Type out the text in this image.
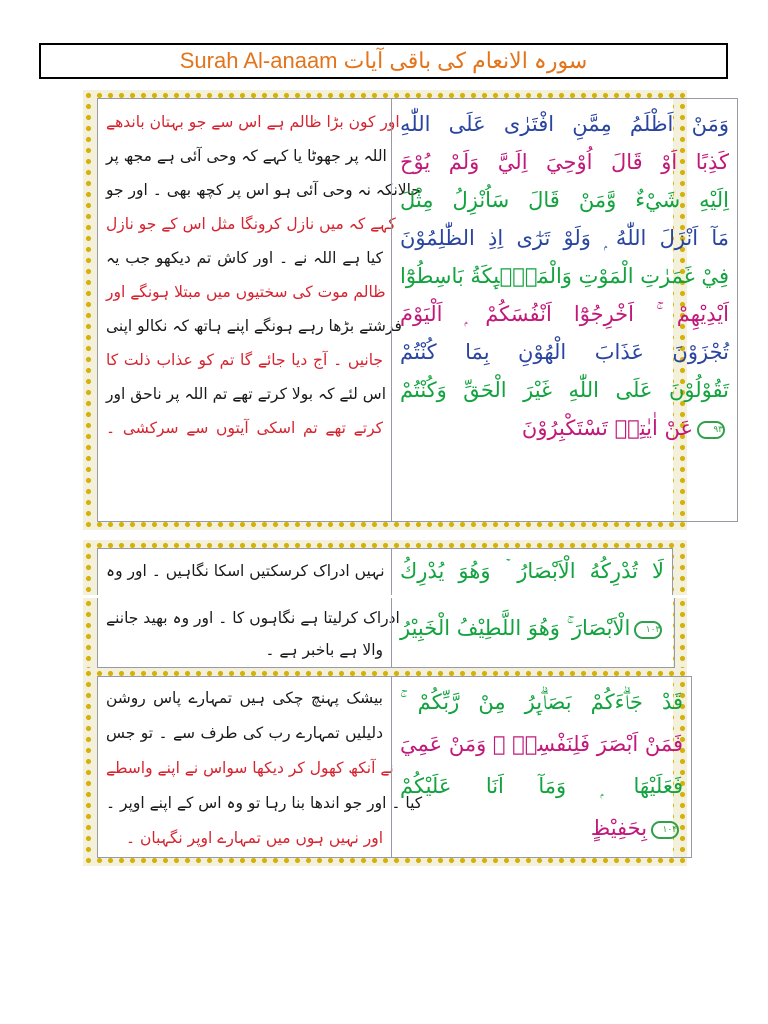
Surah Al-anaam سورہ الانعام کی باقی آیات
اور کون بڑا ظالم ہے اس سے جو بہتان باندھے
اللہ پر جھوٹا یا کہے کہ وحی آئی ہے مجھ پر
حالانکہ نہ وحی آئی ہو اس پر کچھ بھی ۔ اور جو
کہے کہ میں نازل کرونگا مثل اس کے جو نازل
کیا ہے اللہ نے ۔ اور کاش تم دیکھو جب یہ
ظالم موت کی سختیوں میں مبتلا ہونگے اور
فرشتے بڑھا رہے ہونگے اپنے ہاتھ کہ نکالو اپنی
جانیں ۔ آج دیا جائے گا تم کو عذاب ذلت کا
اس لئے کہ بولا کرتے تھے تم اللہ پر ناحق اور
کرتے تھے تم اسکی آیتوں سے سرکشی ۔
وَمَنْ اَظْلَمُ مِمَّنِ افْتَرٰى عَلَى اللّٰهِ
كَذِبًا اَوْ قَالَ اُوْحِيَ اِلَيَّ وَلَمْ يُوْحَ
اِلَيْهِ شَيْءٌ وَّمَنْ قَالَ سَاُنْزِلُ مِثْلَ
مَآ اَنْزَلَ اللّٰهُ ۭ وَلَوْ تَرٰٓى اِذِ الظّٰلِمُوْنَ
فِيْ غَمَرٰتِ الْمَوْتِ وَالْمَلٰۗىِٕكَةُ بَاسِطُوْٓا
اَيْدِيْهِمْ ۚ اَخْرِجُوْٓا اَنْفُسَكُمْ ۭ اَلْيَوْمَ
تُجْزَوْنَ عَذَابَ الْهُوْنِ بِمَا كُنْتُمْ
تَقُوْلُوْنَ عَلَى اللّٰهِ غَيْرَ الْحَقِّ وَكُنْتُمْ
عَنْ اٰيٰتِهٖ تَسْتَكْبِرُوْنَ ۹۳
نہیں ادراک کرسکتیں اسکا نگاہیں ۔ اور وہ لَا تُدْرِكُهُ الْاَبْصَارُ ۡ وَهُوَ يُدْرِكُ
ادراک کرلیتا ہے نگاہوں کا ۔ اور وہ بھید جاننے
والا ہے باخبر ہے ۔
الْاَبْصَارَ ۚ وَهُوَ اللَّطِيْفُ الْخَبِيْرُ ۱۰۳
بیشک پہنچ چکی ہیں تمہارے پاس روشن
دلیلیں تمہارے رب کی طرف سے ۔ تو جس
نے آنکھ کھول کر دیکھا سواس نے اپنے واسطے
کیا ۔ اور جو اندھا بنا رہا تو وہ اس کے اپنے اوپر ۔
اور نہیں ہوں میں تمہارے اوپر نگہبان ۔
قَدْ جَاۗءَكُمْ بَصَاۗىِٕرُ مِنْ رَّبِّكُمْ ۚ
فَمَنْ اَبْصَرَ فَلِنَفْسِهٖ ۚ وَمَنْ عَمِيَ
فَعَلَيْهَا ۭ وَمَآ اَنَا عَلَيْكُمْ
بِحَفِيْظٍ ۱۰۴
